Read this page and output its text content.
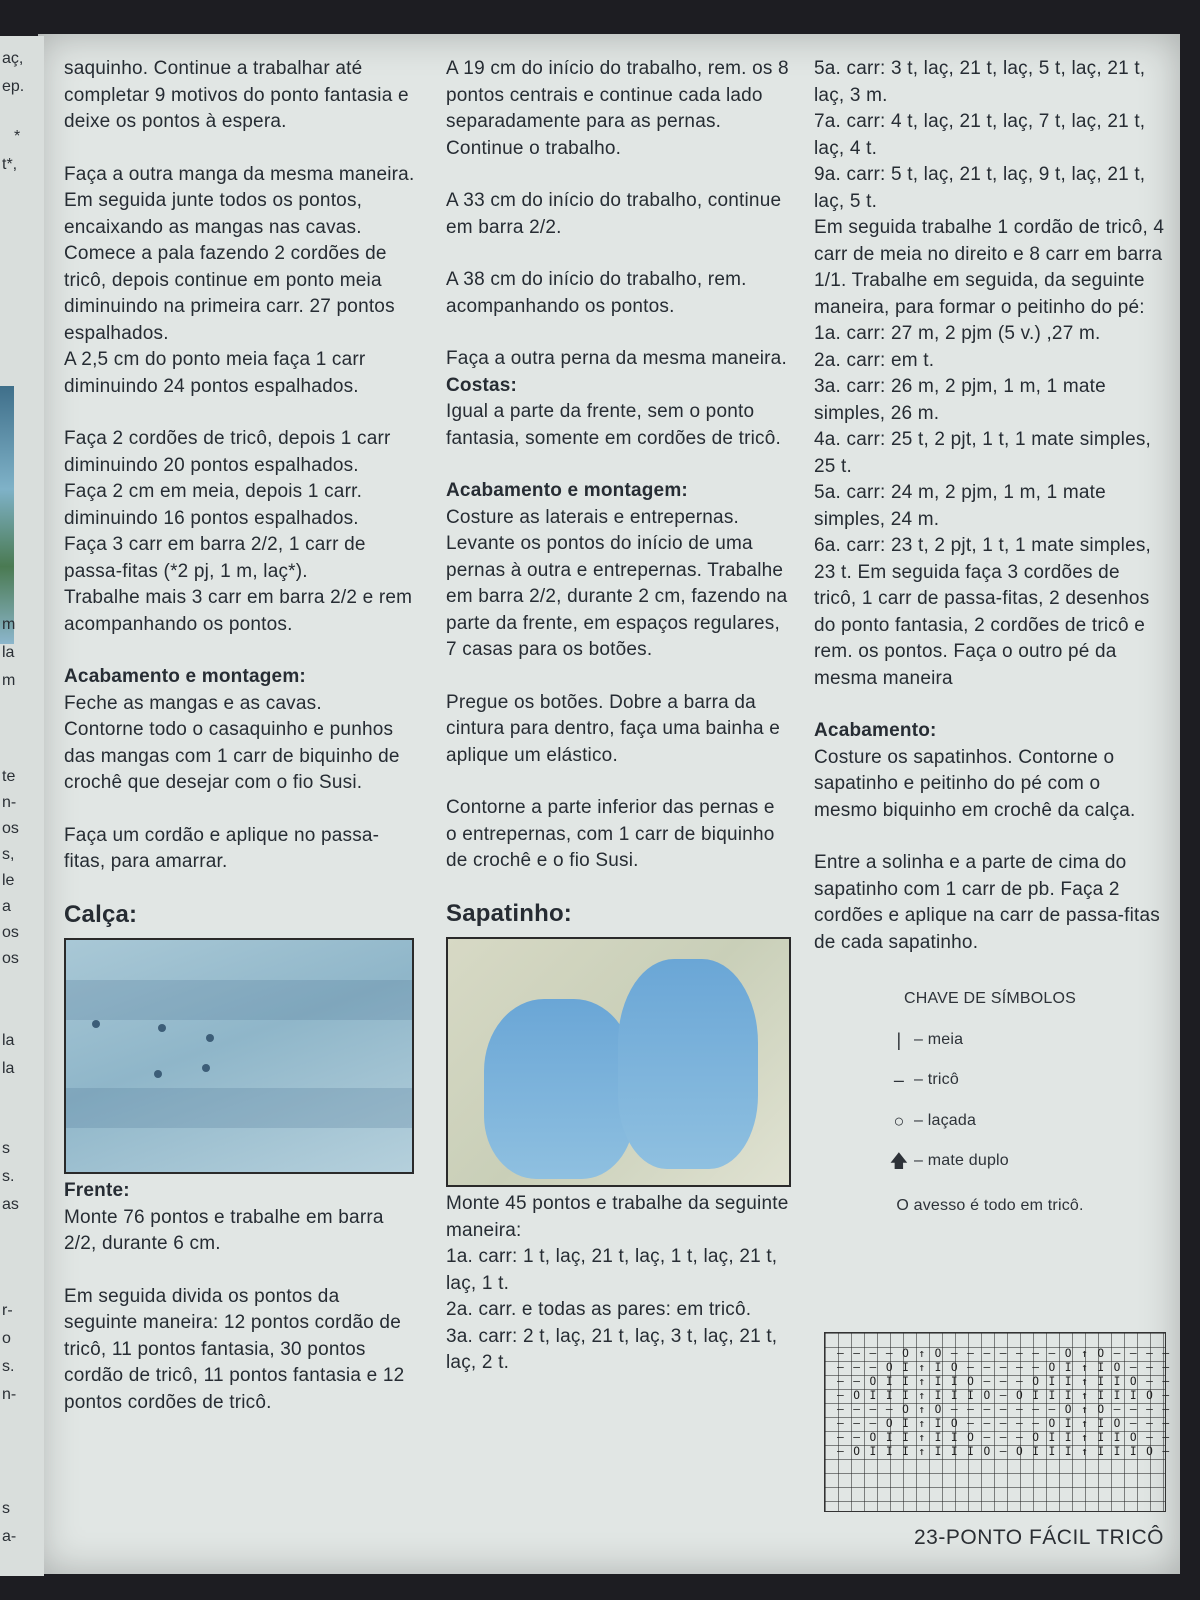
aç,
ep.
*
t*,
m
la
m
te
n-
os
s,
le
a
os
os
la
la
s
s.
as
r-
o
s.
n-
s
a-

saquinho. Continue a trabalhar até completar 9 motivos do ponto fantasia e deixe os pontos à espera.

Faça a outra manga da mesma maneira. Em seguida junte todos os pontos, encaixando as mangas nas cavas.

Comece a pala fazendo 2 cordões de tricô, depois continue em ponto meia diminuindo na primeira carr. 27 pontos espalhados.

A 2,5 cm do ponto meia faça 1 carr diminuindo 24 pontos espalhados.

Faça 2 cordões de tricô, depois 1 carr diminuindo 20 pontos espalhados.

Faça 2 cm em meia, depois 1 carr. diminuindo 16 pontos espalhados.

Faça 3 carr em barra 2/2, 1 carr de passa-fitas (*2 pj, 1 m, laç*).

Trabalhe mais 3 carr em barra 2/2 e rem acompanhando os pontos.

Acabamento e montagem:

Feche as mangas e as cavas.

Contorne todo o casaquinho e punhos das mangas com 1 carr de biquinho de crochê que desejar com o fio Susi.

Faça um cordão e aplique no passa-fitas, para amarrar.

Calça:
Frente:

Monte 76 pontos e trabalhe em barra 2/2, durante 6 cm.

Em seguida divida os pontos da seguinte maneira: 12 pontos cordão de tricô, 11 pontos fantasia, 30 pontos cordão de tricô, 11 pontos fantasia e 12 pontos cordões de tricô.

A 19 cm do início do trabalho, rem. os 8 pontos centrais e continue cada lado separadamente para as pernas. Continue o trabalho.

A 33 cm do início do trabalho, continue em barra 2/2.

A 38 cm do início do trabalho, rem. acompanhando os pontos.

Faça a outra perna da mesma maneira.

Costas:

Igual a parte da frente, sem o ponto fantasia, somente em cordões de tricô.

Acabamento e montagem:

Costure as laterais e entrepernas. Levante os pontos do início de uma pernas à outra e entrepernas. Trabalhe em barra 2/2, durante 2 cm, fazendo na parte da frente, em espaços regulares, 7 casas para os botões.

Pregue os botões. Dobre a barra da cintura para dentro, faça uma bainha e aplique um elástico.

Contorne a parte inferior das pernas e o entrepernas, com 1 carr de biquinho de crochê e o fio Susi.

Sapatinho:

Monte 45 pontos e trabalhe da seguinte maneira:

1a. carr: 1 t, laç, 21 t, laç, 1 t, laç, 21 t, laç, 1 t.

2a. carr. e todas as pares: em tricô.

3a. carr: 2 t, laç, 21 t, laç, 3 t, laç, 21 t, laç, 2 t.

5a. carr: 3 t, laç, 21 t, laç, 5 t, laç, 21 t, laç, 3 m.

7a. carr: 4 t, laç, 21 t, laç, 7 t, laç, 21 t, laç, 4 t.

9a. carr: 5 t, laç, 21 t, laç, 9 t, laç, 21 t, laç, 5 t.

Em seguida trabalhe 1 cordão de tricô, 4 carr de meia no direito e 8 carr em barra 1/1. Trabalhe em seguida, da seguinte maneira, para formar o peitinho do pé:

1a. carr: 27 m, 2 pjm (5 v.) ,27 m.

2a. carr: em t.

3a. carr: 26 m, 2 pjm, 1 m, 1 mate simples, 26 m.

4a. carr: 25 t, 2 pjt, 1 t, 1 mate simples, 25 t.

5a. carr: 24 m, 2 pjm, 1 m, 1 mate simples, 24 m.

6a. carr: 23 t, 2 pjt, 1 t, 1 mate simples, 23 t. Em seguida faça 3 cordões de tricô, 1 carr de passa-fitas, 2 desenhos do ponto fantasia, 2 cordões de tricô e rem. os pontos. Faça o outro pé da mesma maneira

Acabamento:

Costure os sapatinhos. Contorne o sapatinho e peitinho do pé com o mesmo biquinho em crochê da calça.

Entre a solinha e a parte de cima do sapatinho com 1 carr de pb. Faça 2 cordões e aplique na carr de passa-fitas de cada sapatinho.

CHAVE DE SÍMBOLOS
| – meia
– – tricô
○ – laçada
🡅 – mate duplo
O avesso é todo em tricô.
– – – – O ↑ O – – – – – – – O ↑ O – – – –
– – – O I ↑ I O – – – – – O I ↑ I O – – –
– – O I I ↑ I I O – – – O I I ↑ I I O – –
– O I I I ↑ I I I O – O I I I ↑ I I I O –
– – – – O ↑ O – – – – – – – O ↑ O – – – –
– – – O I ↑ I O – – – – – O I ↑ I O – – –
– – O I I ↑ I I O – – – O I I ↑ I I O – –
– O I I I ↑ I I I O – O I I I ↑ I I I O –
23-PONTO FÁCIL TRICÔ
